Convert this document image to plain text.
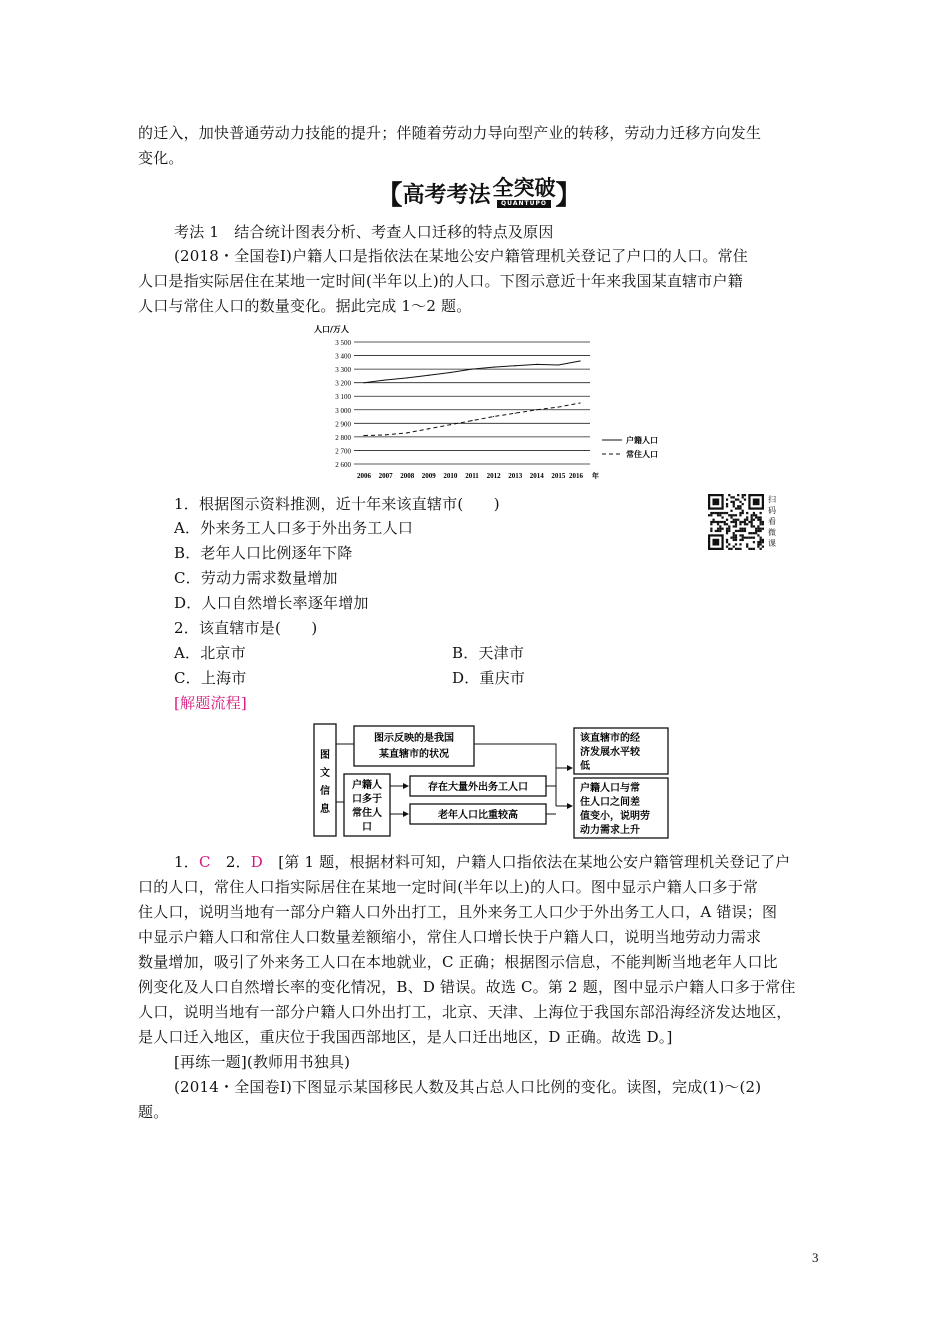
的迁入，加快普通劳动力技能的提升；伴随着劳动力导向型产业的转移，劳动力迁移方向发生
变化。
【 高考考法 全突破
QUANTUPO 】
考法 1　结合统计图表分析、考查人口迁移的特点及原因
(2018・全国卷Ⅰ)户籍人口是指依法在某地公安户籍管理机关登记了户口的人口。常住
人口是指实际居住在某地一定时间(半年以上)的人口。下图示意近十年来我国某直辖市户籍
人口与常住人口的数量变化。据此完成 1～2 题。
人口/万人
2 600
2 700
2 800
2 900
3 000
3 100
3 200
3 300
3 400
3 500
2006 2007 2008 2009 2010 2011 2012 2013 2014 2015 2016 年
户籍人口
常住人口
扫码看微课
1．根据图示资料推测，近十年来该直辖市(　　)
A．外来务工人口多于外出务工人口
B．老年人口比例逐年下降
C．劳动力需求数量增加
D．人口自然增长率逐年增加
2．该直辖市是(　　)
A．北京市	B．天津市
C．上海市	D．重庆市
[解题流程]
图文信息
图示反映的是我国
某直辖市的状况
户籍人
口多于
常住人
口
存在大量外出务工人口
老年人口比重较高
该直辖市的经
济发展水平较
低
户籍人口与常
住人口之间差
值变小，说明劳
动力需求上升
1．C　 2．D　 [第 1 题，根据材料可知，户籍人口指依法在某地公安户籍管理机关登记了户
口的人口，常住人口指实际居住在某地一定时间(半年以上)的人口。图中显示户籍人口多于常
住人口，说明当地有一部分户籍人口外出打工，且外来务工人口少于外出务工人口，A 错误；图
中显示户籍人口和常住人口数量差额缩小，常住人口增长快于户籍人口，说明当地劳动力需求
数量增加，吸引了外来务工人口在本地就业，C 正确；根据图示信息，不能判断当地老年人口比
例变化及人口自然增长率的变化情况，B、D 错误。故选 C。第 2 题，图中显示户籍人口多于常住
人口，说明当地有一部分户籍人口外出打工，北京、天津、上海位于我国东部沿海经济发达地区，
是人口迁入地区，重庆位于我国西部地区，是人口迁出地区，D 正确。故选 D。]
[再练一题](教师用书独具)
(2014・全国卷Ⅰ)下图显示某国移民人数及其占总人口比例的变化。读图，完成(1)～(2)
题。
3
